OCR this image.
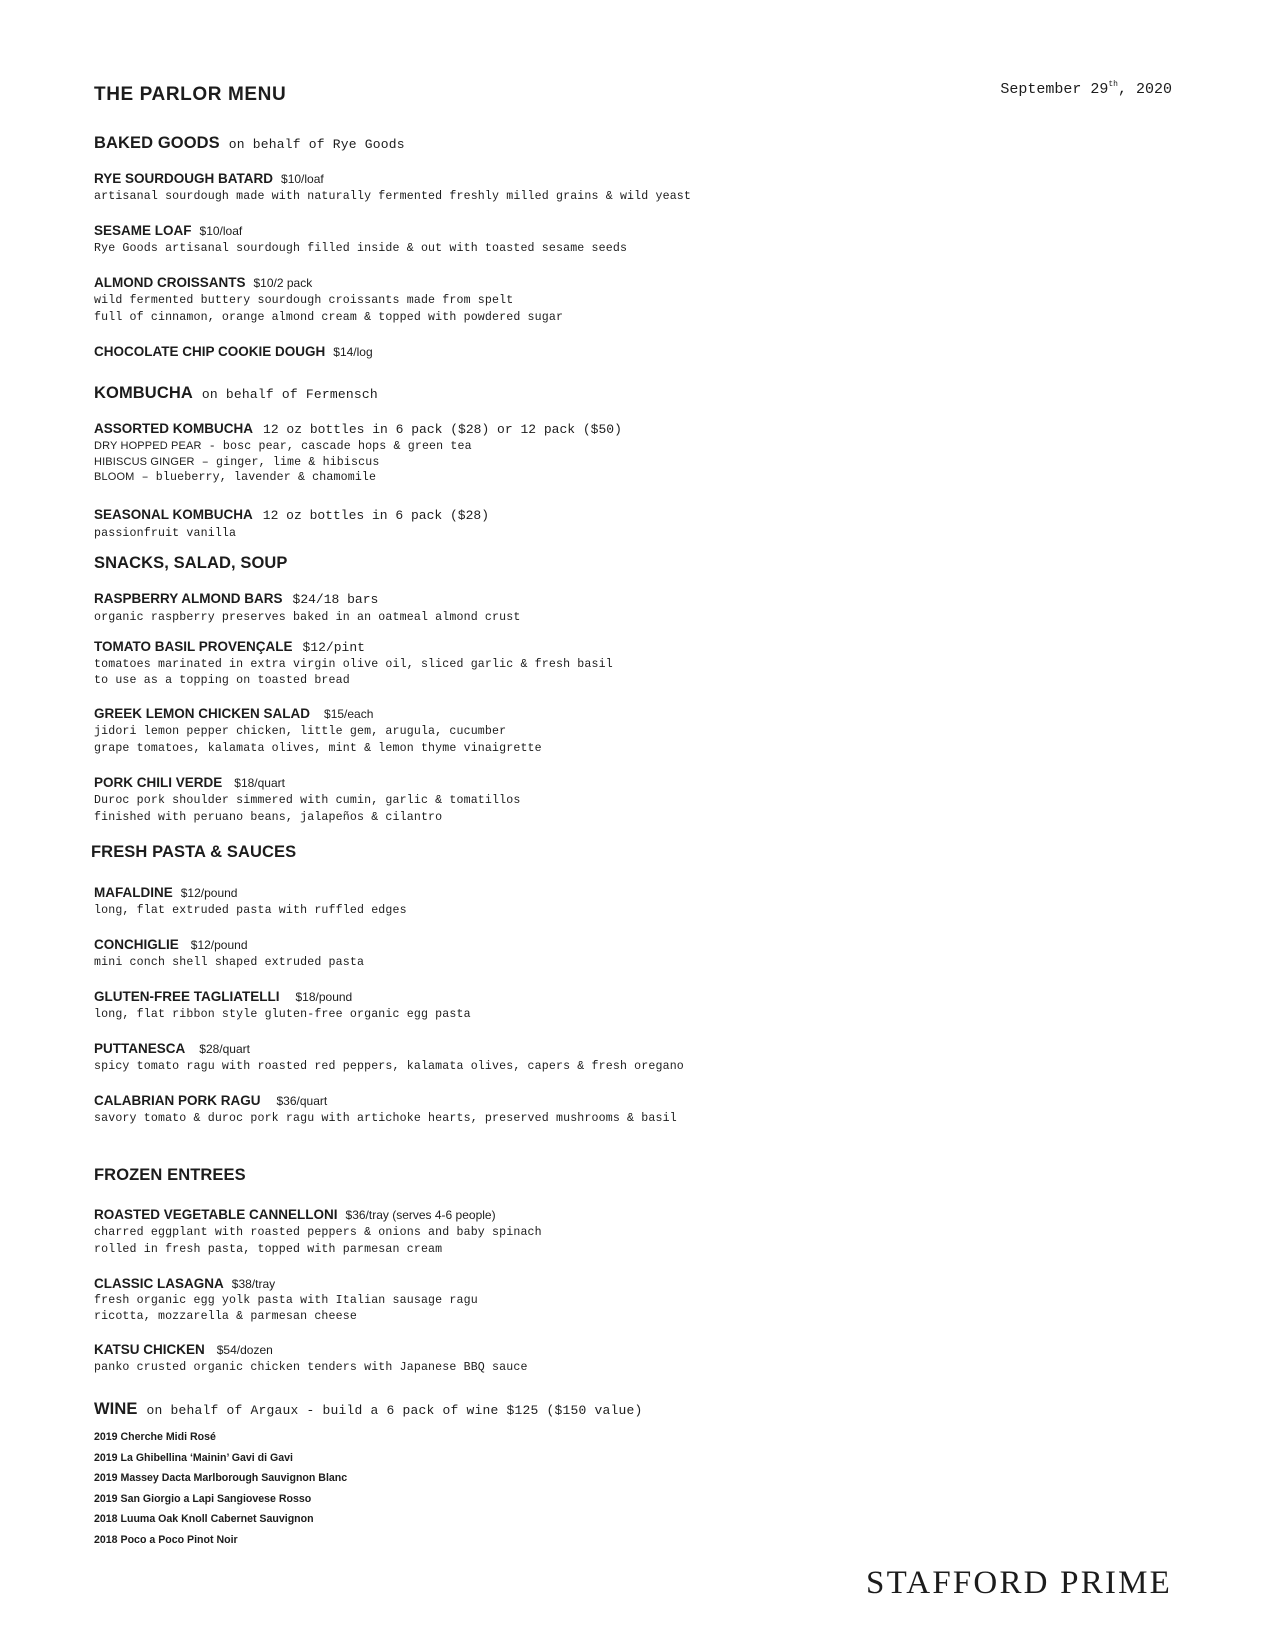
THE PARLOR MENU	September 29th, 2020
BAKED GOODS on behalf of Rye Goods
RYE SOURDOUGH BATARD $10/loaf
artisanal sourdough made with naturally fermented freshly milled grains & wild yeast
SESAME LOAF $10/loaf
Rye Goods artisanal sourdough filled inside & out with toasted sesame seeds
ALMOND CROISSANTS $10/2 pack
wild fermented buttery sourdough croissants made from spelt
full of cinnamon, orange almond cream & topped with powdered sugar
CHOCOLATE CHIP COOKIE DOUGH $14/log
KOMBUCHA on behalf of Fermensch
ASSORTED KOMBUCHA 12 oz bottles in 6 pack ($28) or 12 pack ($50)
DRY HOPPED PEAR - bosc pear, cascade hops & green tea
HIBISCUS GINGER – ginger, lime & hibiscus
BLOOM – blueberry, lavender & chamomile
SEASONAL KOMBUCHA 12 oz bottles in 6 pack ($28)
passionfruit vanilla
SNACKS, SALAD, SOUP
RASPBERRY ALMOND BARS $24/18 bars
organic raspberry preserves baked in an oatmeal almond crust
TOMATO BASIL PROVENÇALE $12/pint
tomatoes marinated in extra virgin olive oil, sliced garlic & fresh basil
to use as a topping on toasted bread
GREEK LEMON CHICKEN SALAD $15/each
jidori lemon pepper chicken, little gem, arugula, cucumber
grape tomatoes, kalamata olives, mint & lemon thyme vinaigrette
PORK CHILI VERDE $18/quart
Duroc pork shoulder simmered with cumin, garlic & tomatillos
finished with peruano beans, jalapeños & cilantro
FRESH PASTA & SAUCES
MAFALDINE $12/pound
long, flat extruded pasta with ruffled edges
CONCHIGLIE $12/pound
mini conch shell shaped extruded pasta
GLUTEN-FREE TAGLIATELLI $18/pound
long, flat ribbon style gluten-free organic egg pasta
PUTTANESCA $28/quart
spicy tomato ragu with roasted red peppers, kalamata olives, capers & fresh oregano
CALABRIAN PORK RAGU $36/quart
savory tomato & duroc pork ragu with artichoke hearts, preserved mushrooms & basil
FROZEN ENTREES
ROASTED VEGETABLE CANNELLONI $36/tray (serves 4-6 people)
charred eggplant with roasted peppers & onions and baby spinach
rolled in fresh pasta, topped with parmesan cream
CLASSIC LASAGNA $38/tray
fresh organic egg yolk pasta with Italian sausage ragu
ricotta, mozzarella & parmesan cheese
KATSU CHICKEN $54/dozen
panko crusted organic chicken tenders with Japanese BBQ sauce
WINE on behalf of Argaux - build a 6 pack of wine $125 ($150 value)
2019 Cherche Midi Rosé
2019 La Ghibellina ‘Mainin’ Gavi di Gavi
2019 Massey Dacta Marlborough Sauvignon Blanc
2019 San Giorgio a Lapi Sangiovese Rosso
2018 Luuma Oak Knoll Cabernet Sauvignon
2018 Poco a Poco Pinot Noir
STAFFORD PRIME
